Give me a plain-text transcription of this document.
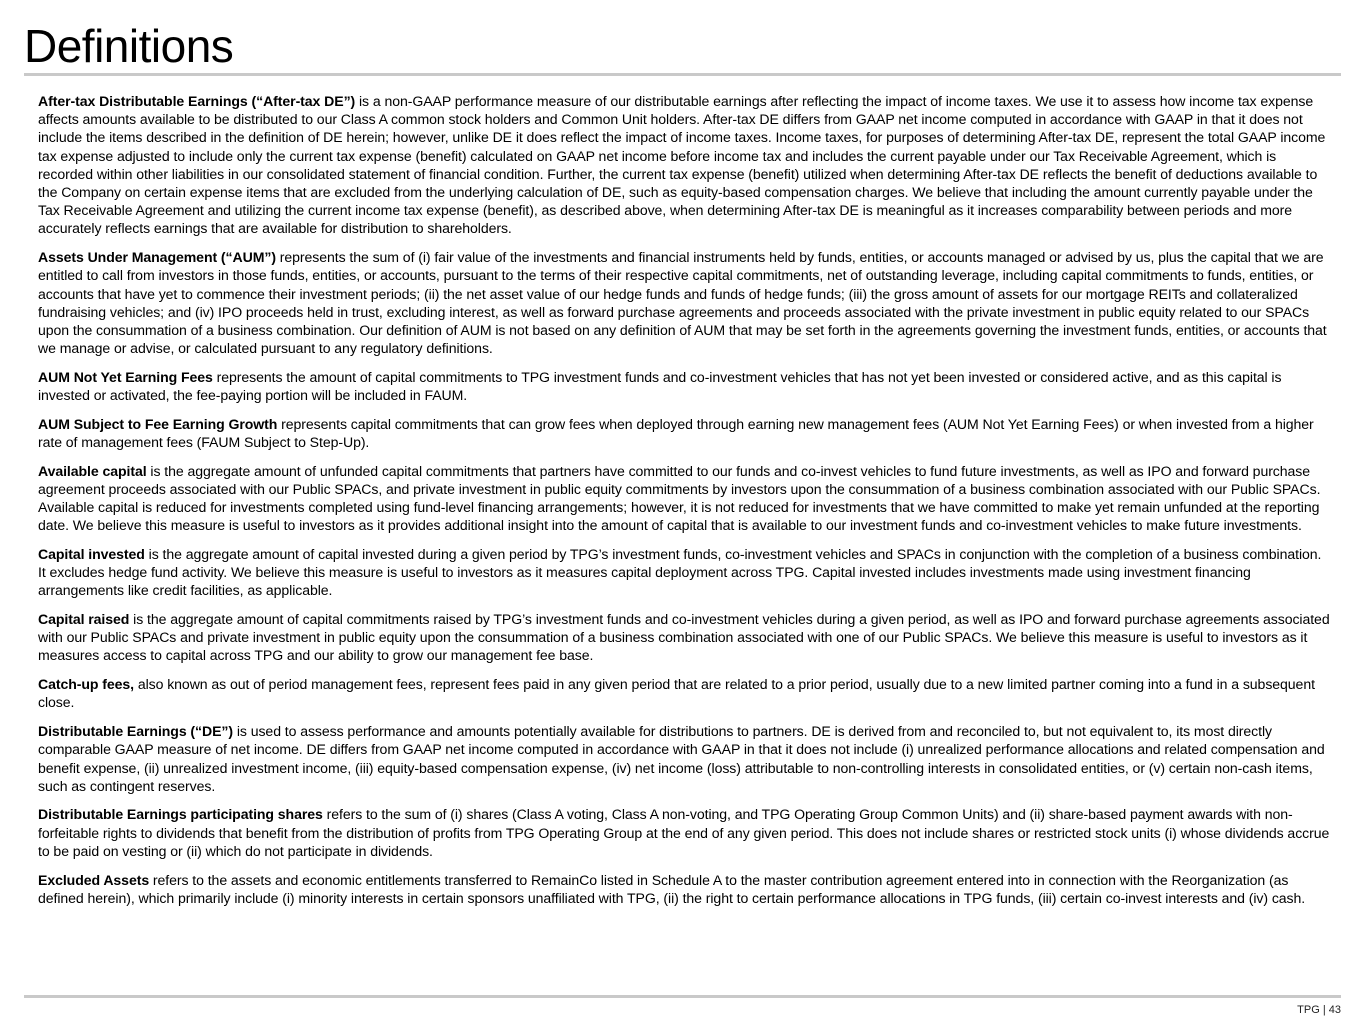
Definitions

After-tax Distributable Earnings (“After-tax DE”) is a non-GAAP performance measure of our distributable earnings after reflecting the impact of income taxes. We use it to assess how income tax expense affects amounts available to be distributed to our Class A common stock holders and Common Unit holders. After-tax DE differs from GAAP net income computed in accordance with GAAP in that it does not include the items described in the definition of DE herein; however, unlike DE it does reflect the impact of income taxes. Income taxes, for purposes of determining After-tax DE, represent the total GAAP income tax expense adjusted to include only the current tax expense (benefit) calculated on GAAP net income before income tax and includes the current payable under our Tax Receivable Agreement, which is recorded within other liabilities in our consolidated statement of financial condition. Further, the current tax expense (benefit) utilized when determining After-tax DE reflects the benefit of deductions available to the Company on certain expense items that are excluded from the underlying calculation of DE, such as equity-based compensation charges. We believe that including the amount currently payable under the Tax Receivable Agreement and utilizing the current income tax expense (benefit), as described above, when determining After-tax DE is meaningful as it increases comparability between periods and more accurately reflects earnings that are available for distribution to shareholders.

Assets Under Management (“AUM”) represents the sum of (i) fair value of the investments and financial instruments held by funds, entities, or accounts managed or advised by us, plus the capital that we are entitled to call from investors in those funds, entities, or accounts, pursuant to the terms of their respective capital commitments, net of outstanding leverage, including capital commitments to funds, entities, or accounts that have yet to commence their investment periods; (ii) the net asset value of our hedge funds and funds of hedge funds; (iii) the gross amount of assets for our mortgage REITs and collateralized fundraising vehicles; and (iv) IPO proceeds held in trust, excluding interest, as well as forward purchase agreements and proceeds associated with the private investment in public equity related to our SPACs upon the consummation of a business combination. Our definition of AUM is not based on any definition of AUM that may be set forth in the agreements governing the investment funds, entities, or accounts that we manage or advise, or calculated pursuant to any regulatory definitions.

AUM Not Yet Earning Fees represents the amount of capital commitments to TPG investment funds and co-investment vehicles that has not yet been invested or considered active, and as this capital is invested or activated, the fee-paying portion will be included in FAUM.

AUM Subject to Fee Earning Growth represents capital commitments that can grow fees when deployed through earning new management fees (AUM Not Yet Earning Fees) or when invested from a higher rate of management fees (FAUM Subject to Step-Up).

Available capital is the aggregate amount of unfunded capital commitments that partners have committed to our funds and co-invest vehicles to fund future investments, as well as IPO and forward purchase agreement proceeds associated with our Public SPACs, and private investment in public equity commitments by investors upon the consummation of a business combination associated with our Public SPACs. Available capital is reduced for investments completed using fund-level financing arrangements; however, it is not reduced for investments that we have committed to make yet remain unfunded at the reporting date. We believe this measure is useful to investors as it provides additional insight into the amount of capital that is available to our investment funds and co-investment vehicles to make future investments.

Capital invested is the aggregate amount of capital invested during a given period by TPG’s investment funds, co-investment vehicles and SPACs in conjunction with the completion of a business combination. It excludes hedge fund activity. We believe this measure is useful to investors as it measures capital deployment across TPG. Capital invested includes investments made using investment financing arrangements like credit facilities, as applicable.

Capital raised is the aggregate amount of capital commitments raised by TPG’s investment funds and co-investment vehicles during a given period, as well as IPO and forward purchase agreements associated with our Public SPACs and private investment in public equity upon the consummation of a business combination associated with one of our Public SPACs. We believe this measure is useful to investors as it measures access to capital across TPG and our ability to grow our management fee base.

Catch-up fees, also known as out of period management fees, represent fees paid in any given period that are related to a prior period, usually due to a new limited partner coming into a fund in a subsequent close.

Distributable Earnings (“DE”) is used to assess performance and amounts potentially available for distributions to partners. DE is derived from and reconciled to, but not equivalent to, its most directly comparable GAAP measure of net income. DE differs from GAAP net income computed in accordance with GAAP in that it does not include (i) unrealized performance allocations and related compensation and benefit expense, (ii) unrealized investment income, (iii) equity-based compensation expense, (iv) net income (loss) attributable to non-controlling interests in consolidated entities, or (v) certain non-cash items, such as contingent reserves.

Distributable Earnings participating shares refers to the sum of (i) shares (Class A voting, Class A non-voting, and TPG Operating Group Common Units) and (ii) share-based payment awards with non-forfeitable rights to dividends that benefit from the distribution of profits from TPG Operating Group at the end of any given period. This does not include shares or restricted stock units (i) whose dividends accrue to be paid on vesting or (ii) which do not participate in dividends.

Excluded Assets refers to the assets and economic entitlements transferred to RemainCo listed in Schedule A to the master contribution agreement entered into in connection with the Reorganization (as defined herein), which primarily include (i) minority interests in certain sponsors unaffiliated with TPG, (ii) the right to certain performance allocations in TPG funds, (iii) certain co-invest interests and (iv) cash.

TPG | 43
